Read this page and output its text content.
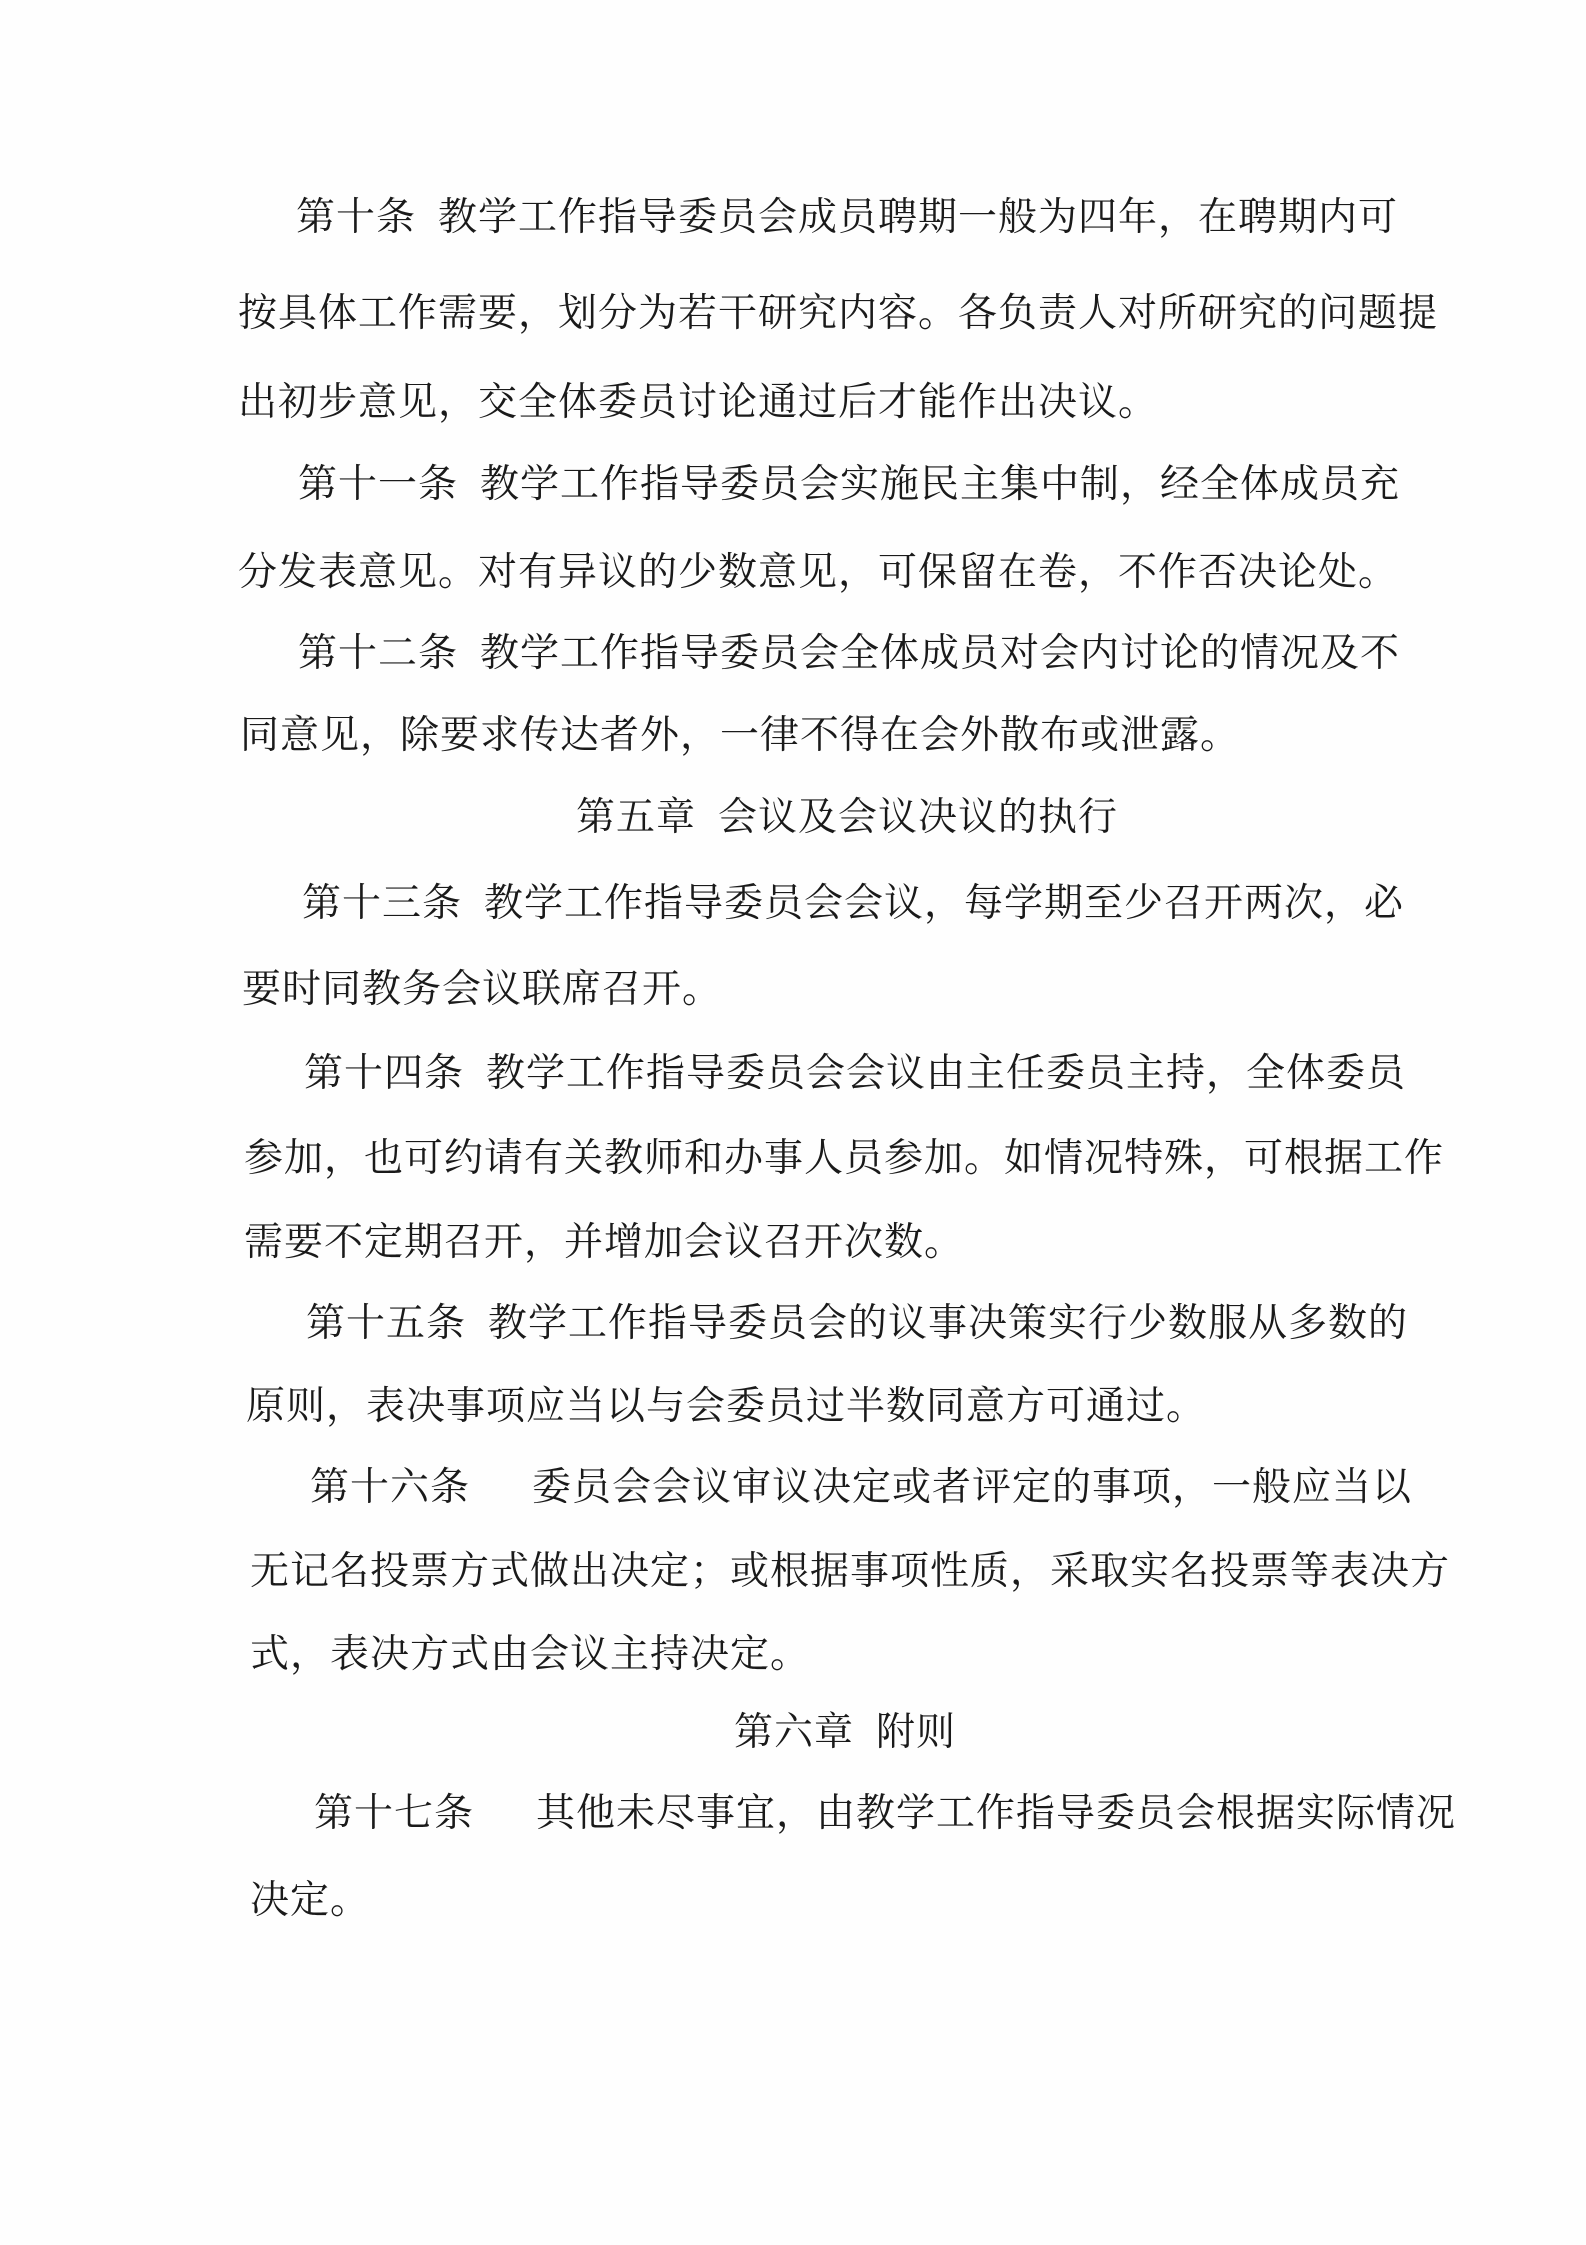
第十条 教学工作指导委员会成员聘期一般为四年，在聘期内可
按具体工作需要，划分为若干研究内容。各负责人对所研究的问题提
出初步意见，交全体委员讨论通过后才能作出决议。
第十一条 教学工作指导委员会实施民主集中制，经全体成员充
分发表意见。对有异议的少数意见，可保留在卷，不作否决论处。
第十二条 教学工作指导委员会全体成员对会内讨论的情况及不
同意见，除要求传达者外，一律不得在会外散布或泄露。
第五章 会议及会议决议的执行
第十三条 教学工作指导委员会会议，每学期至少召开两次，必
要时同教务会议联席召开。
第十四条 教学工作指导委员会会议由主任委员主持，全体委员
参加，也可约请有关教师和办事人员参加。如情况特殊，可根据工作
需要不定期召开，并增加会议召开次数。
第十五条 教学工作指导委员会的议事决策实行少数服从多数的
原则，表决事项应当以与会委员过半数同意方可通过。
第十六条 委员会会议审议决定或者评定的事项，一般应当以
无记名投票方式做出决定；或根据事项性质，采取实名投票等表决方
式，表决方式由会议主持决定。
第六章 附则
第十七条 其他未尽事宜，由教学工作指导委员会根据实际情况
决定。
